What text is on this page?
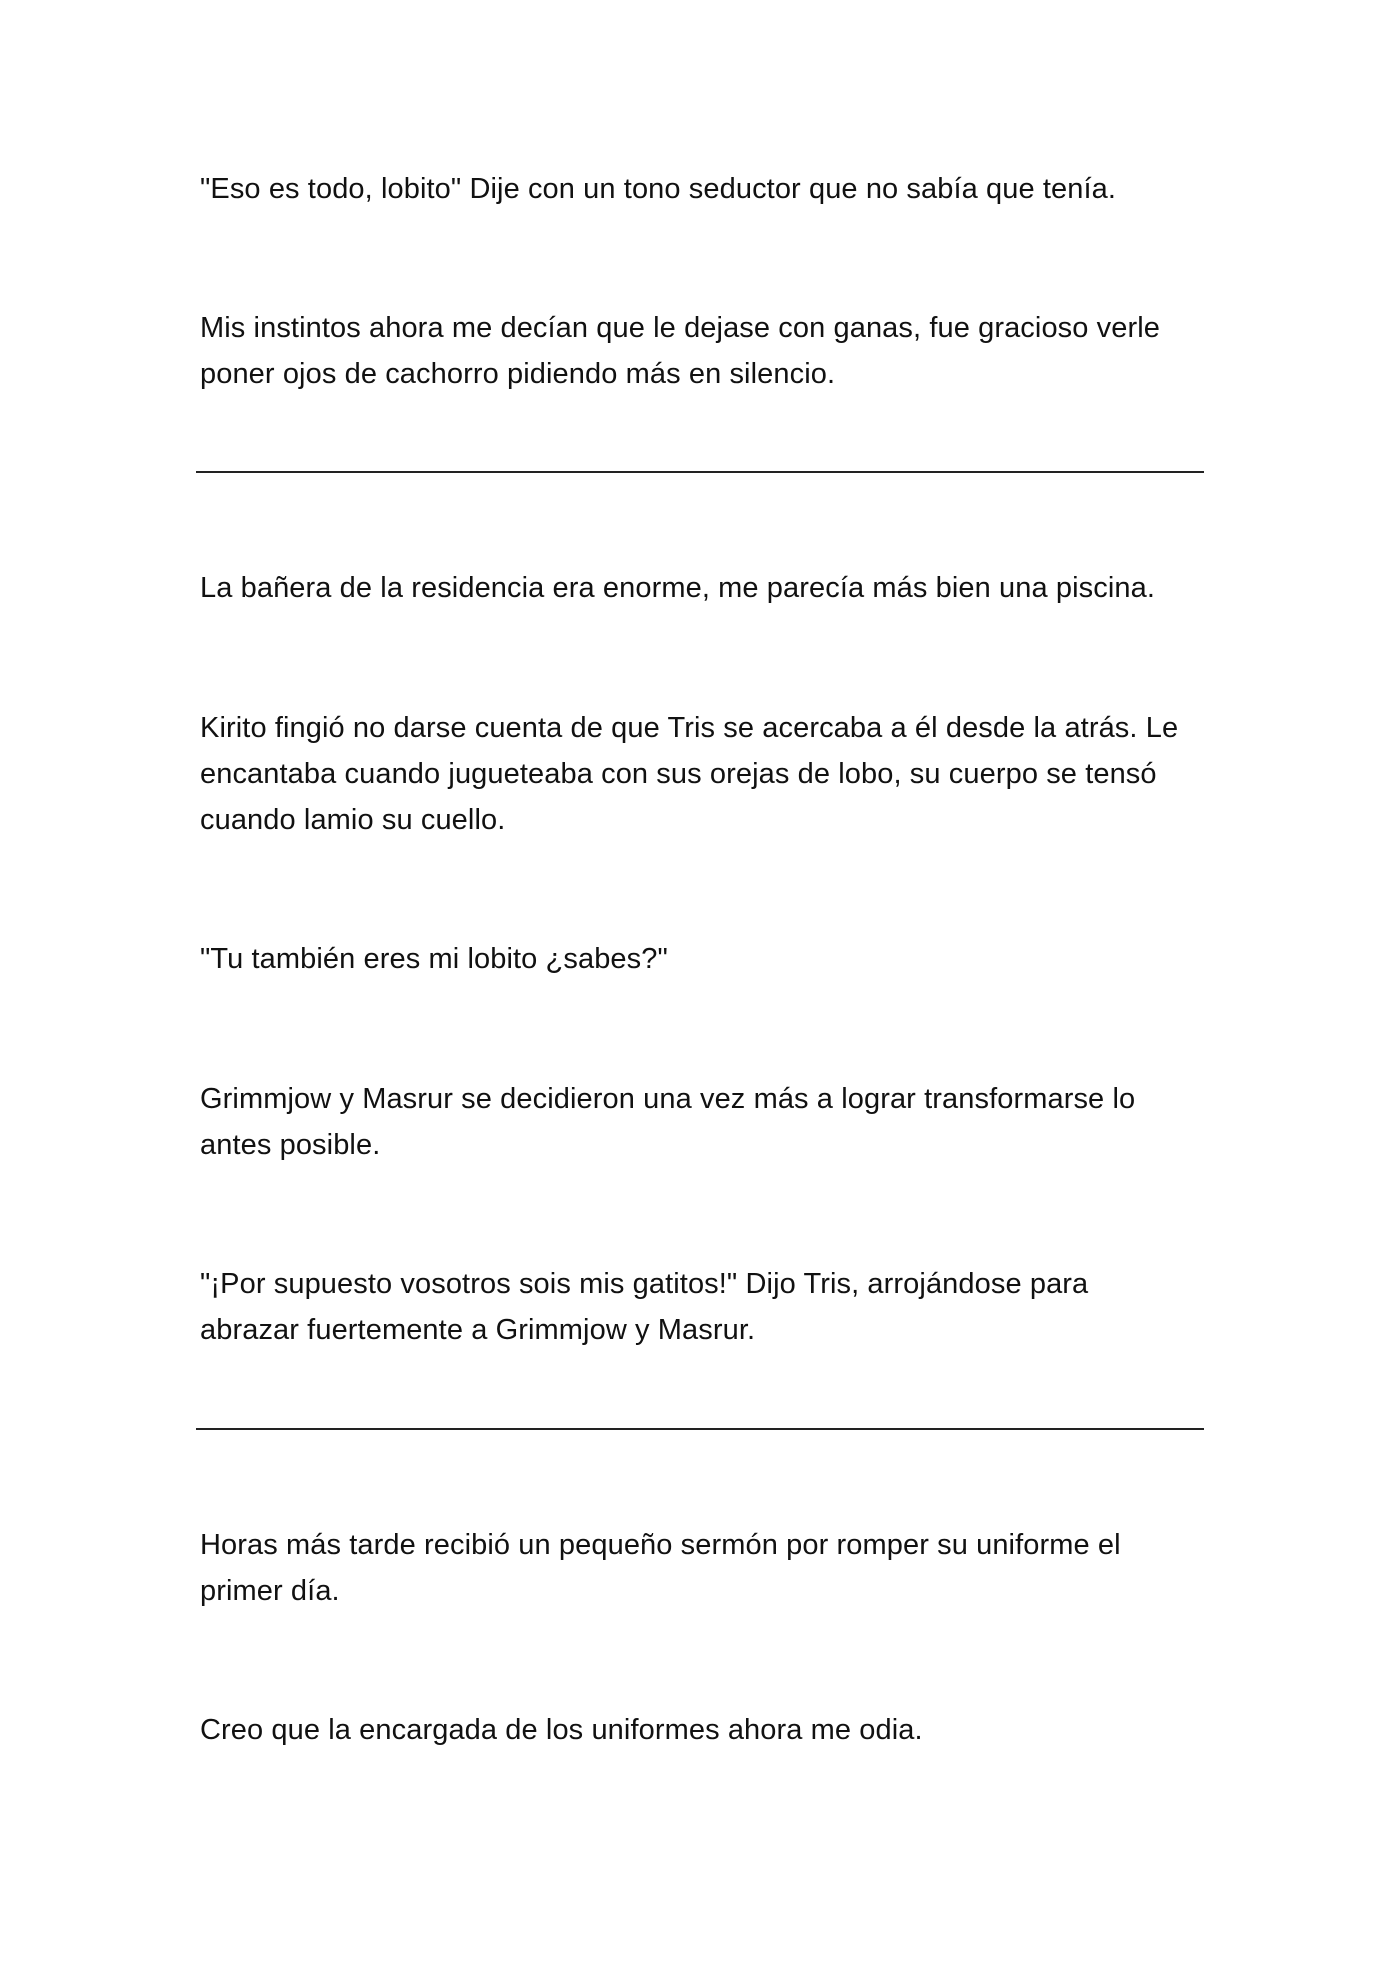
"Eso es todo, lobito" Dije con un tono seductor que no sabía que tenía.

Mis instintos ahora me decían que le dejase con ganas, fue gracioso verle
poner ojos de cachorro pidiendo más en silencio.

La bañera de la residencia era enorme, me parecía más bien una piscina.

Kirito fingió no darse cuenta de que Tris se acercaba a él desde la atrás. Le
encantaba cuando jugueteaba con sus orejas de lobo, su cuerpo se tensó
cuando lamio su cuello.

"Tu también eres mi lobito ¿sabes?"

Grimmjow y Masrur se decidieron una vez más a lograr transformarse lo
antes posible.

"¡Por supuesto vosotros sois mis gatitos!" Dijo Tris, arrojándose para
abrazar fuertemente a Grimmjow y Masrur.

Horas más tarde recibió un pequeño sermón por romper su uniforme el
primer día.

Creo que la encargada de los uniformes ahora me odia.
